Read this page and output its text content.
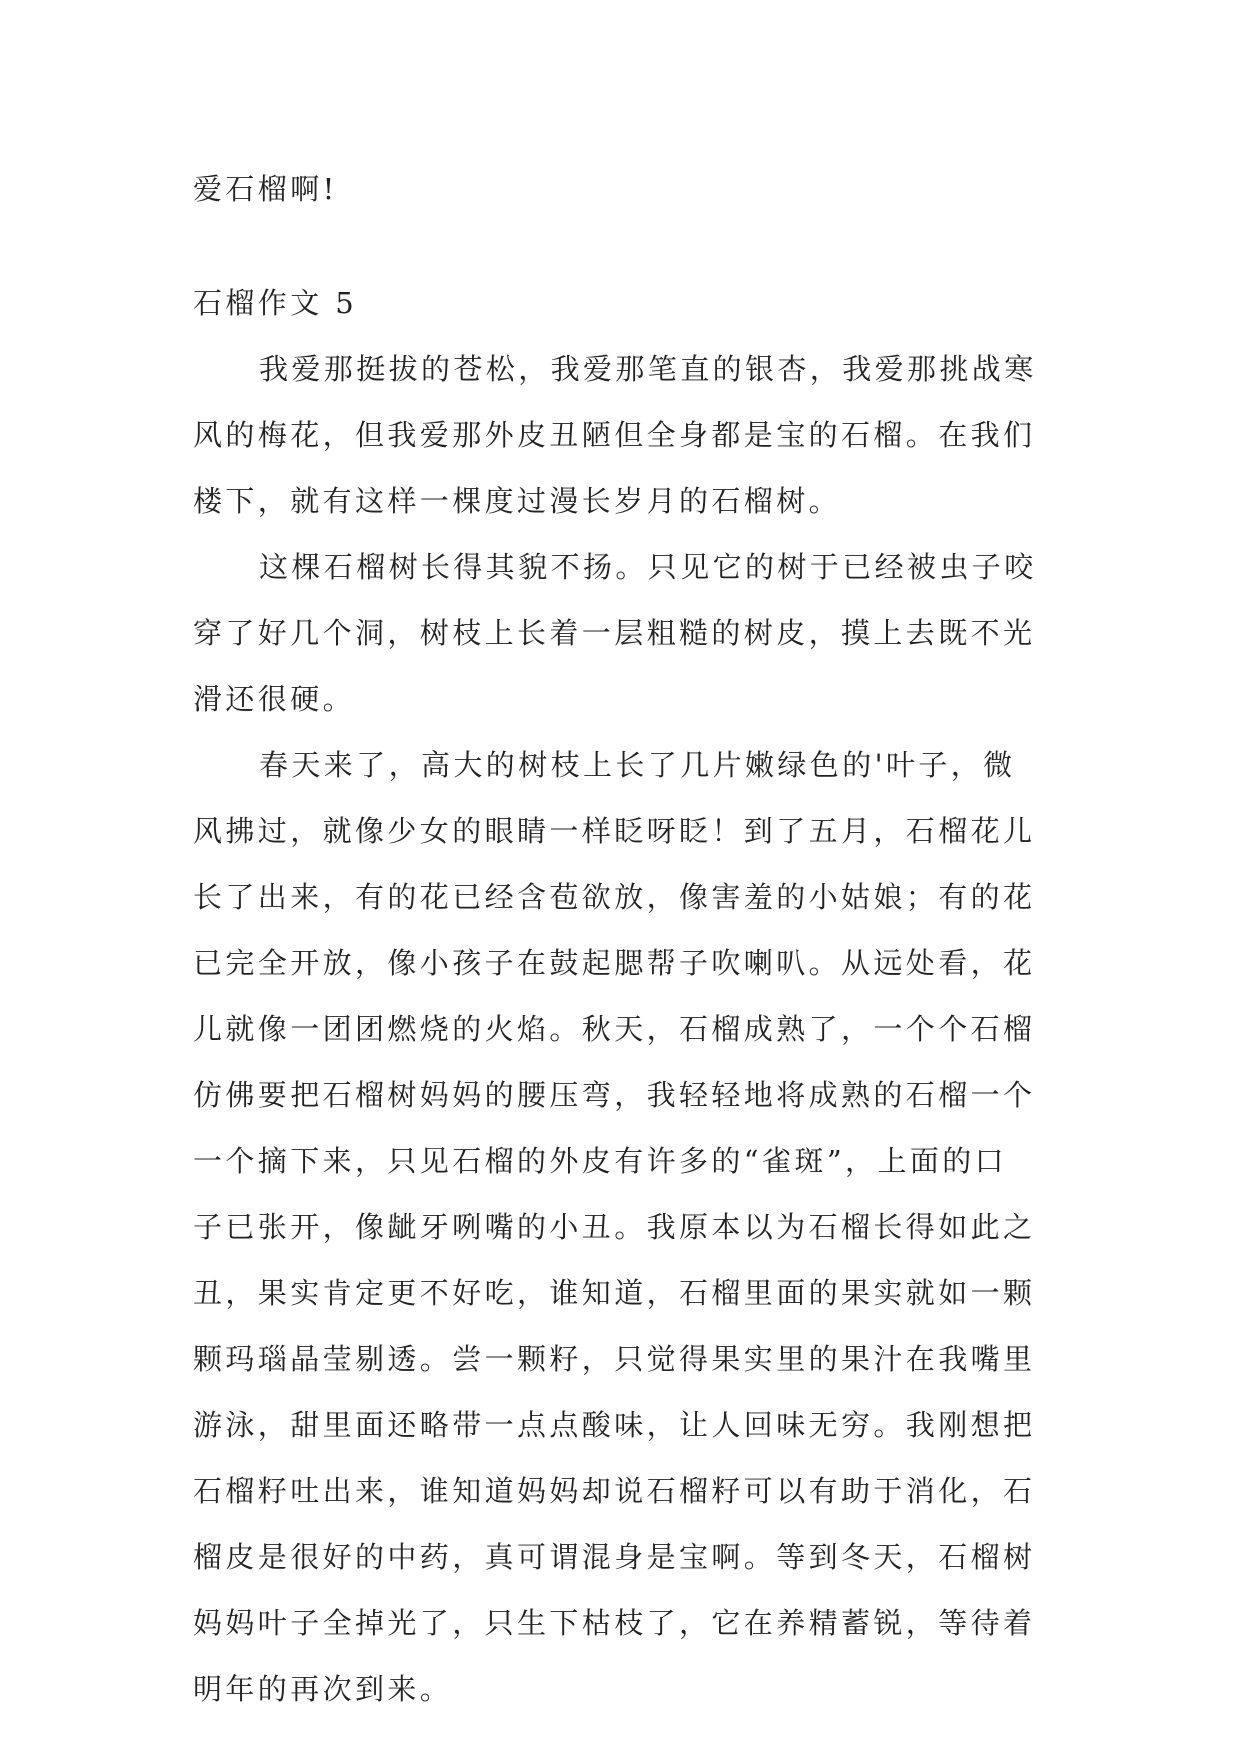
爱石榴啊!

石榴作文 5

我爱那挺拔的苍松，我爱那笔直的银杏，我爱那挑战寒
风的梅花，但我爱那外皮丑陋但全身都是宝的石榴。在我们
楼下，就有这样一棵度过漫长岁月的石榴树。

这棵石榴树长得其貌不扬。只见它的树于已经被虫子咬
穿了好几个洞，树枝上长着一层粗糙的树皮，摸上去既不光
滑还很硬。

春天来了，高大的树枝上长了几片嫩绿色的'叶子，微
风拂过，就像少女的眼睛一样眨呀眨！到了五月，石榴花儿
长了出来，有的花已经含苞欲放，像害羞的小姑娘；有的花
已完全开放，像小孩子在鼓起腮帮子吹喇叭。从远处看，花
儿就像一团团燃烧的火焰。秋天，石榴成熟了，一个个石榴
仿佛要把石榴树妈妈的腰压弯，我轻轻地将成熟的石榴一个
一个摘下来，只见石榴的外皮有许多的“雀斑”，上面的口
子已张开，像龇牙咧嘴的小丑。我原本以为石榴长得如此之
丑，果实肯定更不好吃，谁知道，石榴里面的果实就如一颗
颗玛瑙晶莹剔透。尝一颗籽，只觉得果实里的果汁在我嘴里
游泳，甜里面还略带一点点酸味，让人回味无穷。我刚想把
石榴籽吐出来，谁知道妈妈却说石榴籽可以有助于消化，石
榴皮是很好的中药，真可谓混身是宝啊。等到冬天，石榴树
妈妈叶子全掉光了，只生下枯枝了，它在养精蓄锐，等待着
明年的再次到来。
